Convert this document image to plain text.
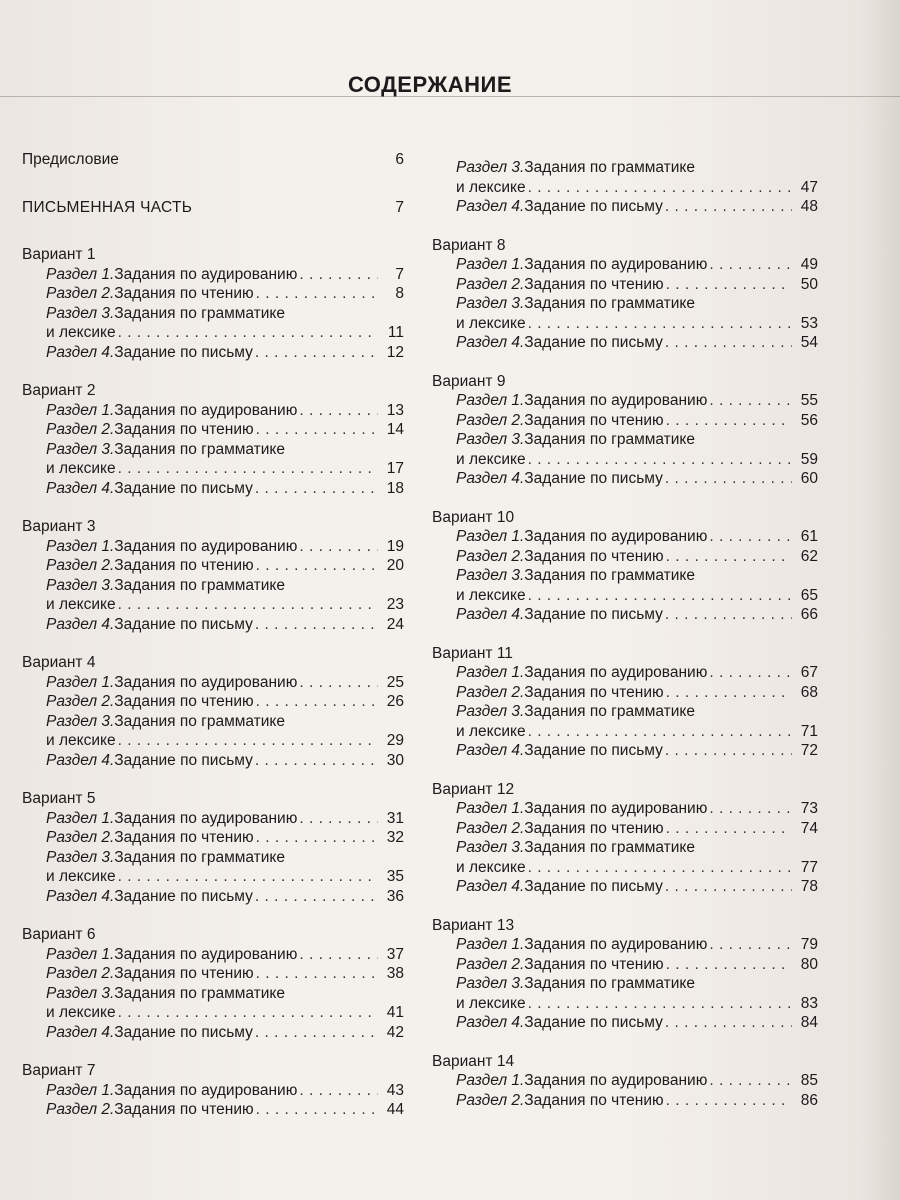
СОДЕРЖАНИЕ
Предисловие	6
ПИСЬМЕННАЯ ЧАСТЬ	7
Вариант 1
Раздел 1. Задания по аудированию . . .	7
Раздел 2. Задания по чтению . . .	8
Раздел 3. Задания по грамматике
и лексике . . .	11
Раздел 4. Задание по письму . . .	12
Вариант 2
Раздел 1. Задания по аудированию . . .	13
Раздел 2. Задания по чтению . . .	14
Раздел 3. Задания по грамматике
и лексике . . .	17
Раздел 4. Задание по письму . . .	18
Вариант 3
Раздел 1. Задания по аудированию . . .	19
Раздел 2. Задания по чтению . . .	20
Раздел 3. Задания по грамматике
и лексике . . .	23
Раздел 4. Задание по письму . . .	24
Вариант 4
Раздел 1. Задания по аудированию . . .	25
Раздел 2. Задания по чтению . . .	26
Раздел 3. Задания по грамматике
и лексике . . .	29
Раздел 4. Задание по письму . . .	30
Вариант 5
Раздел 1. Задания по аудированию . . .	31
Раздел 2. Задания по чтению . . .	32
Раздел 3. Задания по грамматике
и лексике . . .	35
Раздел 4. Задание по письму . . .	36
Вариант 6
Раздел 1. Задания по аудированию . . .	37
Раздел 2. Задания по чтению . . .	38
Раздел 3. Задания по грамматике
и лексике . . .	41
Раздел 4. Задание по письму . . .	42
Вариант 7
Раздел 1. Задания по аудированию . . .	43
Раздел 2. Задания по чтению . . .	44
Раздел 3. Задания по грамматике
и лексике . . .	47
Раздел 4. Задание по письму . . .	48
Вариант 8
Раздел 1. Задания по аудированию . . .	49
Раздел 2. Задания по чтению . . .	50
Раздел 3. Задания по грамматике
и лексике . . .	53
Раздел 4. Задание по письму . . .	54
Вариант 9
Раздел 1. Задания по аудированию . . .	55
Раздел 2. Задания по чтению . . .	56
Раздел 3. Задания по грамматике
и лексике . . .	59
Раздел 4. Задание по письму . . .	60
Вариант 10
Раздел 1. Задания по аудированию . . .	61
Раздел 2. Задания по чтению . . .	62
Раздел 3. Задания по грамматике
и лексике . . .	65
Раздел 4. Задание по письму . . .	66
Вариант 11
Раздел 1. Задания по аудированию . . .	67
Раздел 2. Задания по чтению . . .	68
Раздел 3. Задания по грамматике
и лексике . . .	71
Раздел 4. Задание по письму . . .	72
Вариант 12
Раздел 1. Задания по аудированию . . .	73
Раздел 2. Задания по чтению . . .	74
Раздел 3. Задания по грамматике
и лексике . . .	77
Раздел 4. Задание по письму . . .	78
Вариант 13
Раздел 1. Задания по аудированию . . .	79
Раздел 2. Задания по чтению . . .	80
Раздел 3. Задания по грамматике
и лексике . . .	83
Раздел 4. Задание по письму . . .	84
Вариант 14
Раздел 1. Задания по аудированию . . .	85
Раздел 2. Задания по чтению . . .	86
